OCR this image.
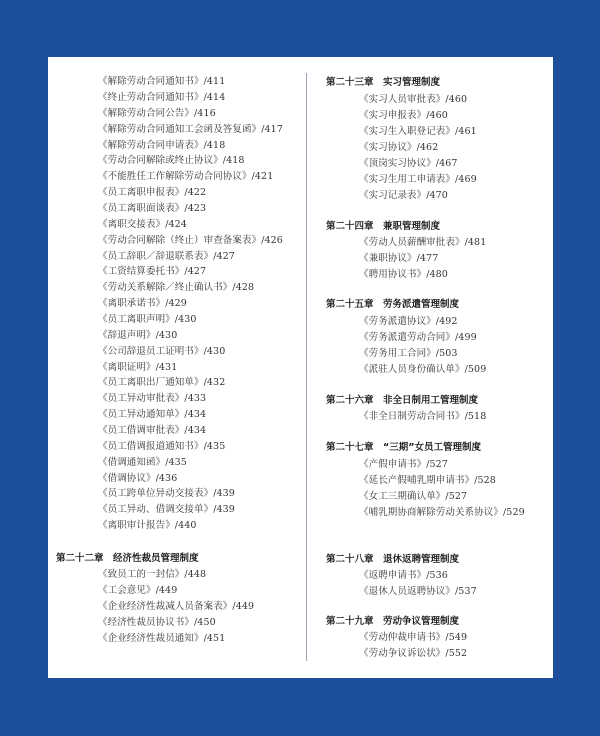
《解除劳动合同通知书》/411
《终止劳动合同通知书》/414
《解除劳动合同公告》/416
《解除劳动合同通知工会函及答复函》/417
《解除劳动合同申请表》/418
《劳动合同解除或终止协议》/418
《不能胜任工作解除劳动合同协议》/421
《员工离职申报表》/422
《员工离职面谈表》/423
《离职交接表》/424
《劳动合同解除（终止）审查备案表》/426
《员工辞职／辞退联系表》/427
《工资结算委托书》/427
《劳动关系解除／终止确认书》/428
《离职承诺书》/429
《员工离职声明》/430
《辞退声明》/430
《公司辞退员工证明书》/430
《离职证明》/431
《员工离职出厂通知单》/432
《员工异动审批表》/433
《员工异动通知单》/434
《员工借调审批表》/434
《员工借调报道通知书》/435
《借调通知函》/435
《借调协议》/436
《员工跨单位异动交接表》/439
《员工异动、借调交接单》/439
《离职审计报告》/440
第二十二章　经济性裁员管理制度
《致员工的一封信》/448
《工会意见》/449
《企业经济性裁减人员备案表》/449
《经济性裁员协议书》/450
《企业经济性裁员通知》/451
第二十三章　实习管理制度
《实习人员审批表》/460
《实习申报表》/460
《实习生入职登记表》/461
《实习协议》/462
《顶岗实习协议》/467
《实习生用工申请表》/469
《实习记录表》/470
第二十四章　兼职管理制度
《劳动人员薪酬审批表》/481
《兼职协议》/477
《聘用协议书》/480
第二十五章　劳务派遣管理制度
《劳务派遣协议》/492
《劳务派遣劳动合同》/499
《劳务用工合同》/503
《派驻人员身份确认单》/509
第二十六章　非全日制用工管理制度
《非全日制劳动合同书》/518
第二十七章　“三期”女员工管理制度
《产假申请书》/527
《延长产假哺乳期申请书》/528
《女工三期确认单》/527
《哺乳期协商解除劳动关系协议》/529
第二十八章　退休返聘管理制度
《返聘申请书》/536
《退休人员返聘协议》/537
第二十九章　劳动争议管理制度
《劳动仲裁申请书》/549
《劳动争议诉讼状》/552
